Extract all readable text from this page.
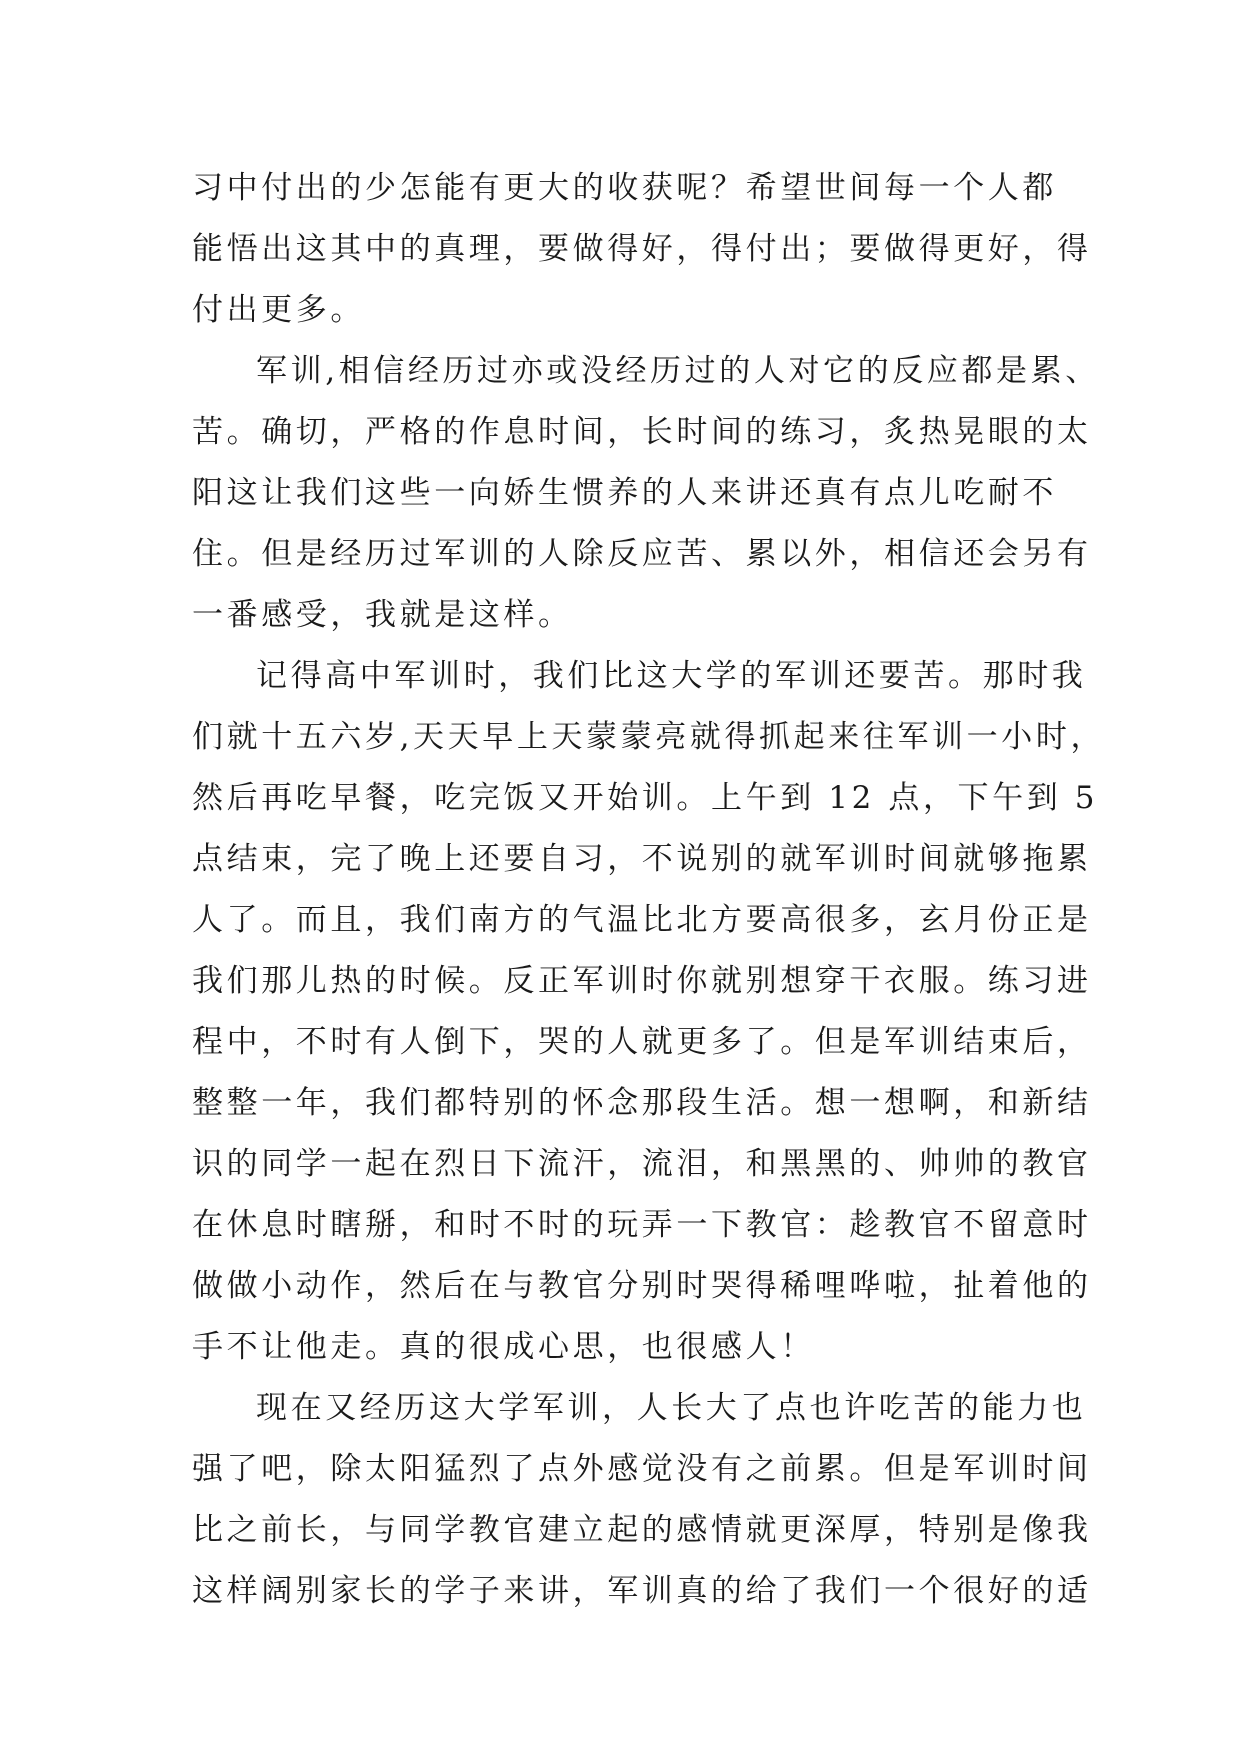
习中付出的少怎能有更大的收获呢？希望世间每一个人都
能悟出这其中的真理，要做得好，得付出；要做得更好，得
付出更多。
军训,相信经历过亦或没经历过的人对它的反应都是累、
苦。确切，严格的作息时间，长时间的练习，炙热晃眼的太
阳这让我们这些一向娇生惯养的人来讲还真有点儿吃耐不
住。但是经历过军训的人除反应苦、累以外，相信还会另有
一番感受，我就是这样。
记得高中军训时，我们比这大学的军训还要苦。那时我
们就十五六岁,天天早上天蒙蒙亮就得抓起来往军训一小时，
然后再吃早餐，吃完饭又开始训。上午到 12 点，下午到 5
点结束，完了晚上还要自习，不说别的就军训时间就够拖累
人了。而且，我们南方的气温比北方要高很多，玄月份正是
我们那儿热的时候。反正军训时你就别想穿干衣服。练习进
程中，不时有人倒下，哭的人就更多了。但是军训结束后，
整整一年，我们都特别的怀念那段生活。想一想啊，和新结
识的同学一起在烈日下流汗，流泪，和黑黑的、帅帅的教官
在休息时瞎掰，和时不时的玩弄一下教官：趁教官不留意时
做做小动作，然后在与教官分别时哭得稀哩哗啦，扯着他的
手不让他走。真的很成心思，也很感人！
现在又经历这大学军训，人长大了点也许吃苦的能力也
强了吧，除太阳猛烈了点外感觉没有之前累。但是军训时间
比之前长，与同学教官建立起的感情就更深厚，特别是像我
这样阔别家长的学子来讲，军训真的给了我们一个很好的适
